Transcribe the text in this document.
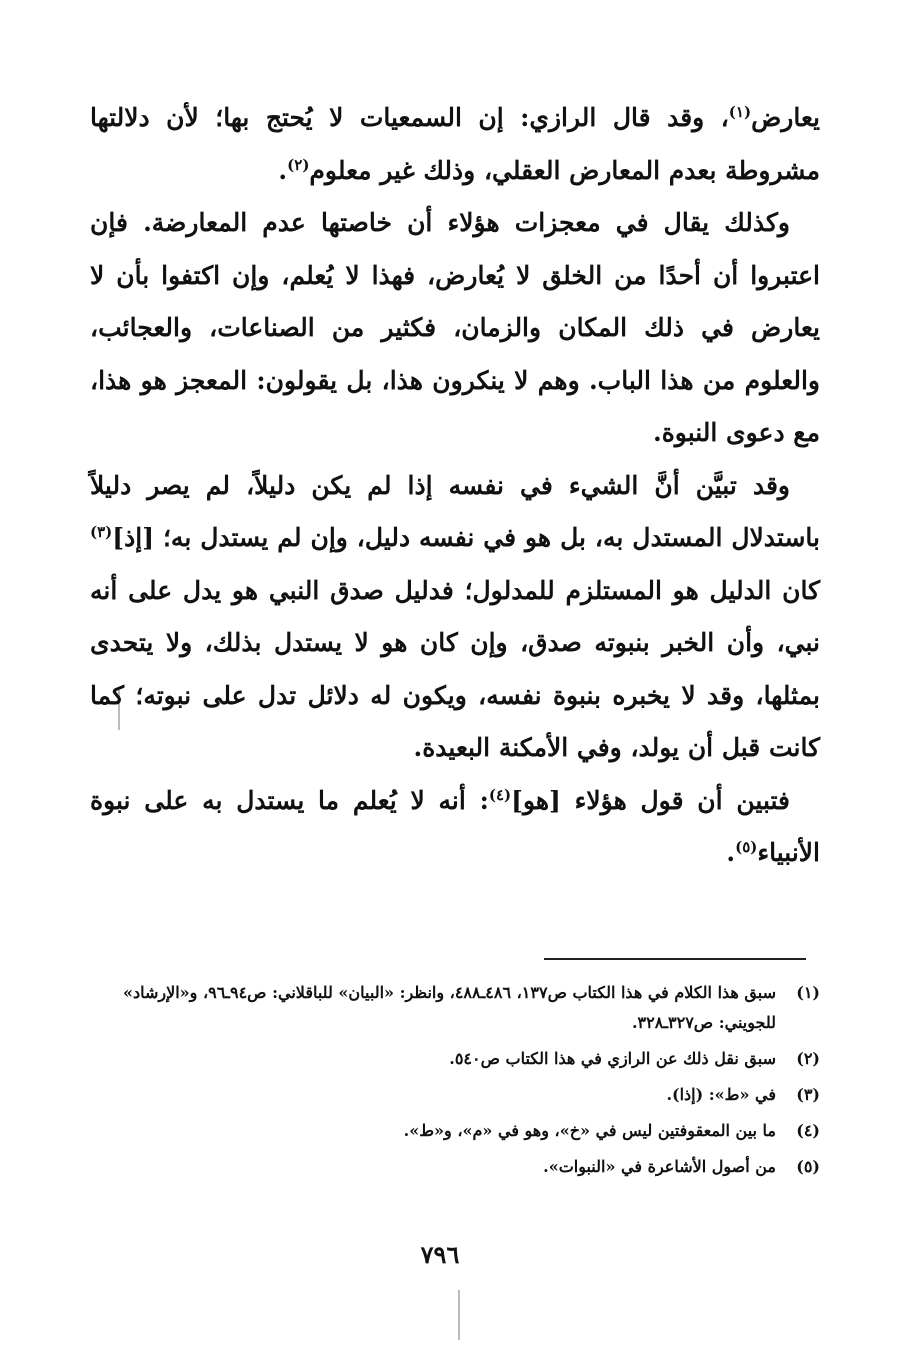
يعارض$^{(١)}$، وقد قال الرازي: إن السمعيات لا يُحتج بها؛ لأن دلالتها مشروطة بعدم المعارض العقلي، وذلك غير معلوم$^{(٢)}$.

وكذلك يقال في معجزات هؤلاء أن خاصتها عدم المعارضة. فإن اعتبروا أن أحدًا من الخلق لا يُعارض، فهذا لا يُعلم، وإن اكتفوا بأن لا يعارض في ذلك المكان والزمان، فكثير من الصناعات، والعجائب، والعلوم من هذا الباب. وهم لا ينكرون هذا، بل يقولون: المعجز هو هذا، مع دعوى النبوة.

وقد تبيَّن أنَّ الشيء في نفسه إذا لم يكن دليلاً، لم يصر دليلاً باستدلال المستدل به، بل هو في نفسه دليل، وإن لم يستدل به؛ [إذ]$^{(٣)}$ كان الدليل هو المستلزم للمدلول؛ فدليل صدق النبي هو يدل على أنه نبي، وأن الخبر بنبوته صدق، وإن كان هو لا يستدل بذلك، ولا يتحدى بمثلها، وقد لا يخبره بنبوة نفسه، ويكون له دلائل تدل على نبوته؛ كما كانت قبل أن يولد، وفي الأمكنة البعيدة.

فتبين أن قول هؤلاء [هو]$^{(٤)}$: أنه لا يُعلم ما يستدل به على نبوة الأنبياء$^{(٥)}$.

(١)
سبق هذا الكلام في هذا الكتاب ص١٣٧، ٤٨٦ـ٤٨٨، وانظر: «البيان» للباقلاني: ص٩٤ـ٩٦، و«الإرشاد» للجويني: ص٣٢٧ـ٣٢٨.
(٢)
سبق نقل ذلك عن الرازي في هذا الكتاب ص٥٤٠.
(٣)
في «ط»: (إذا).
(٤)
ما بين المعقوفتين ليس في «خ»، وهو في «م»، و«ط».
(٥)
من أصول الأشاعرة في «النبوات».
٧٩٦
